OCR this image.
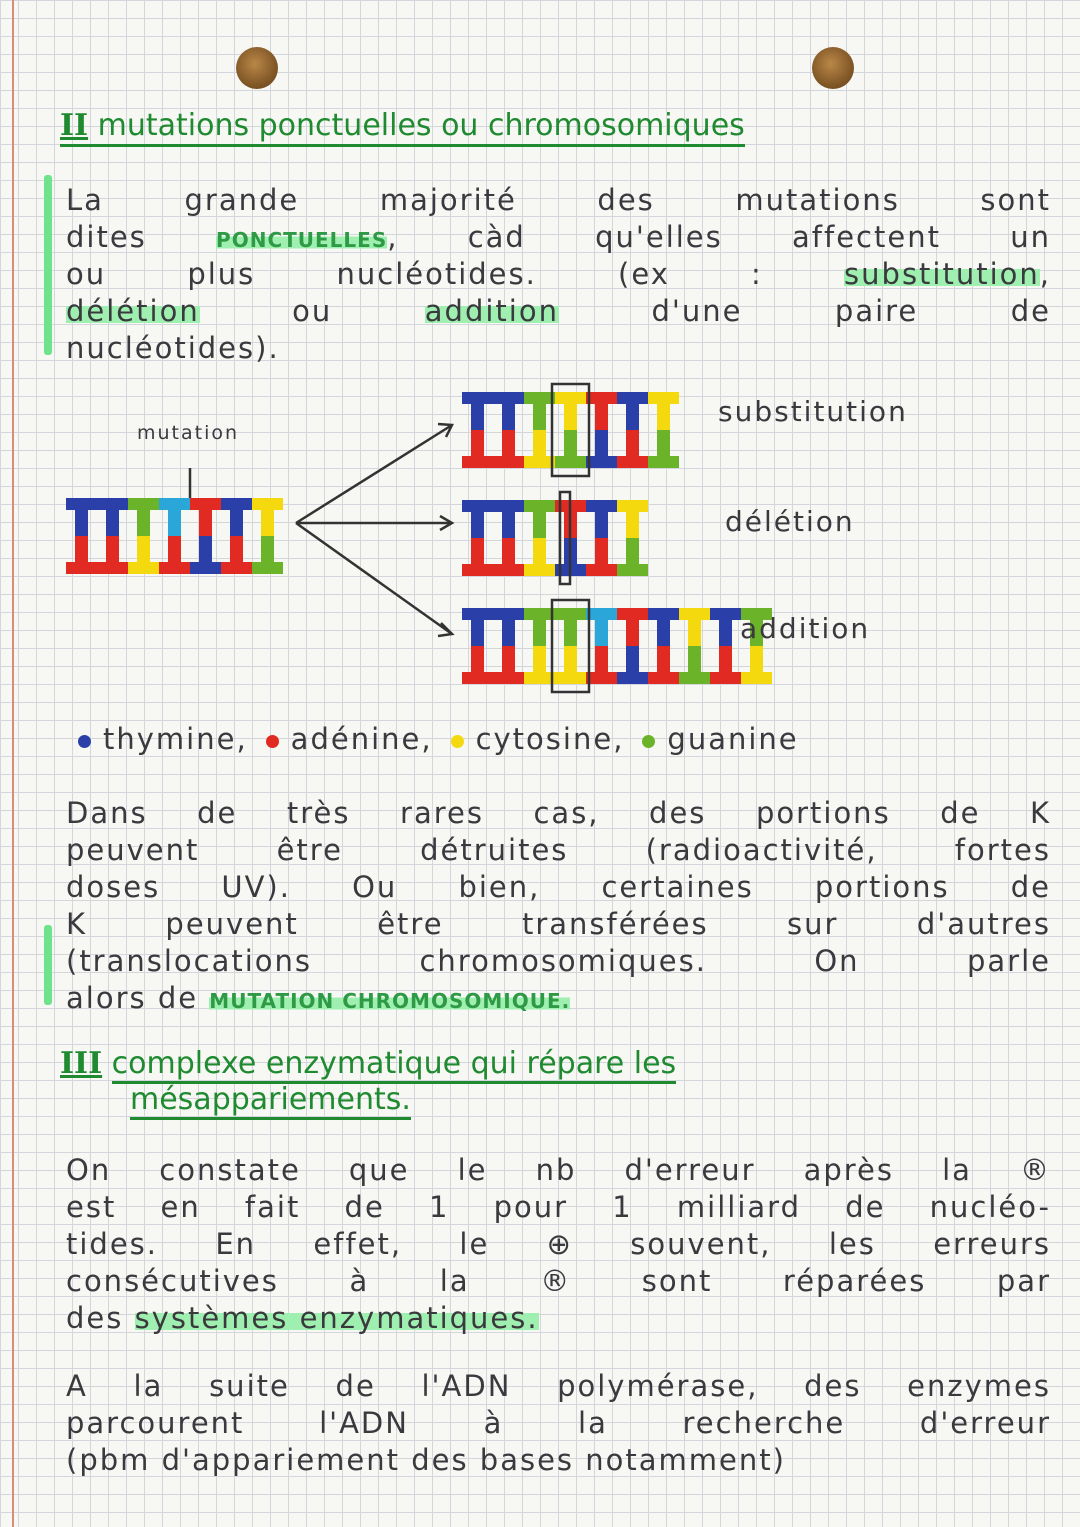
II mutations ponctuelles ou chromosomiques
La grande majorité des mutations sont
dites PONCTUELLES, càd qu'elles affectent un
ou plus nucléotides. (ex : substitution,
délétion ou addition d'une paire de
nucléotides).
mutation
substitution
délétion
addition
thymine,	adénine,	cytosine,	guanine
Dans de très rares cas, des portions de K
peuvent être détruites (radioactivité, fortes
doses UV). Ou bien, certaines portions de
K peuvent être transférées sur d'autres
(translocations chromosomiques. On parle
alors de MUTATION CHROMOSOMIQUE.
III complexe enzymatique qui répare les
mésappariements.
On constate que le nb d'erreur après la ®
est en fait de 1 pour 1 milliard de nucléo-
tides. En effet, le ⊕ souvent, les erreurs
consécutives à la ® sont réparées par
des systèmes enzymatiques.
A la suite de l'ADN polymérase, des enzymes
parcourent l'ADN à la recherche d'erreur
(pbm d'appariement des bases notamment)
